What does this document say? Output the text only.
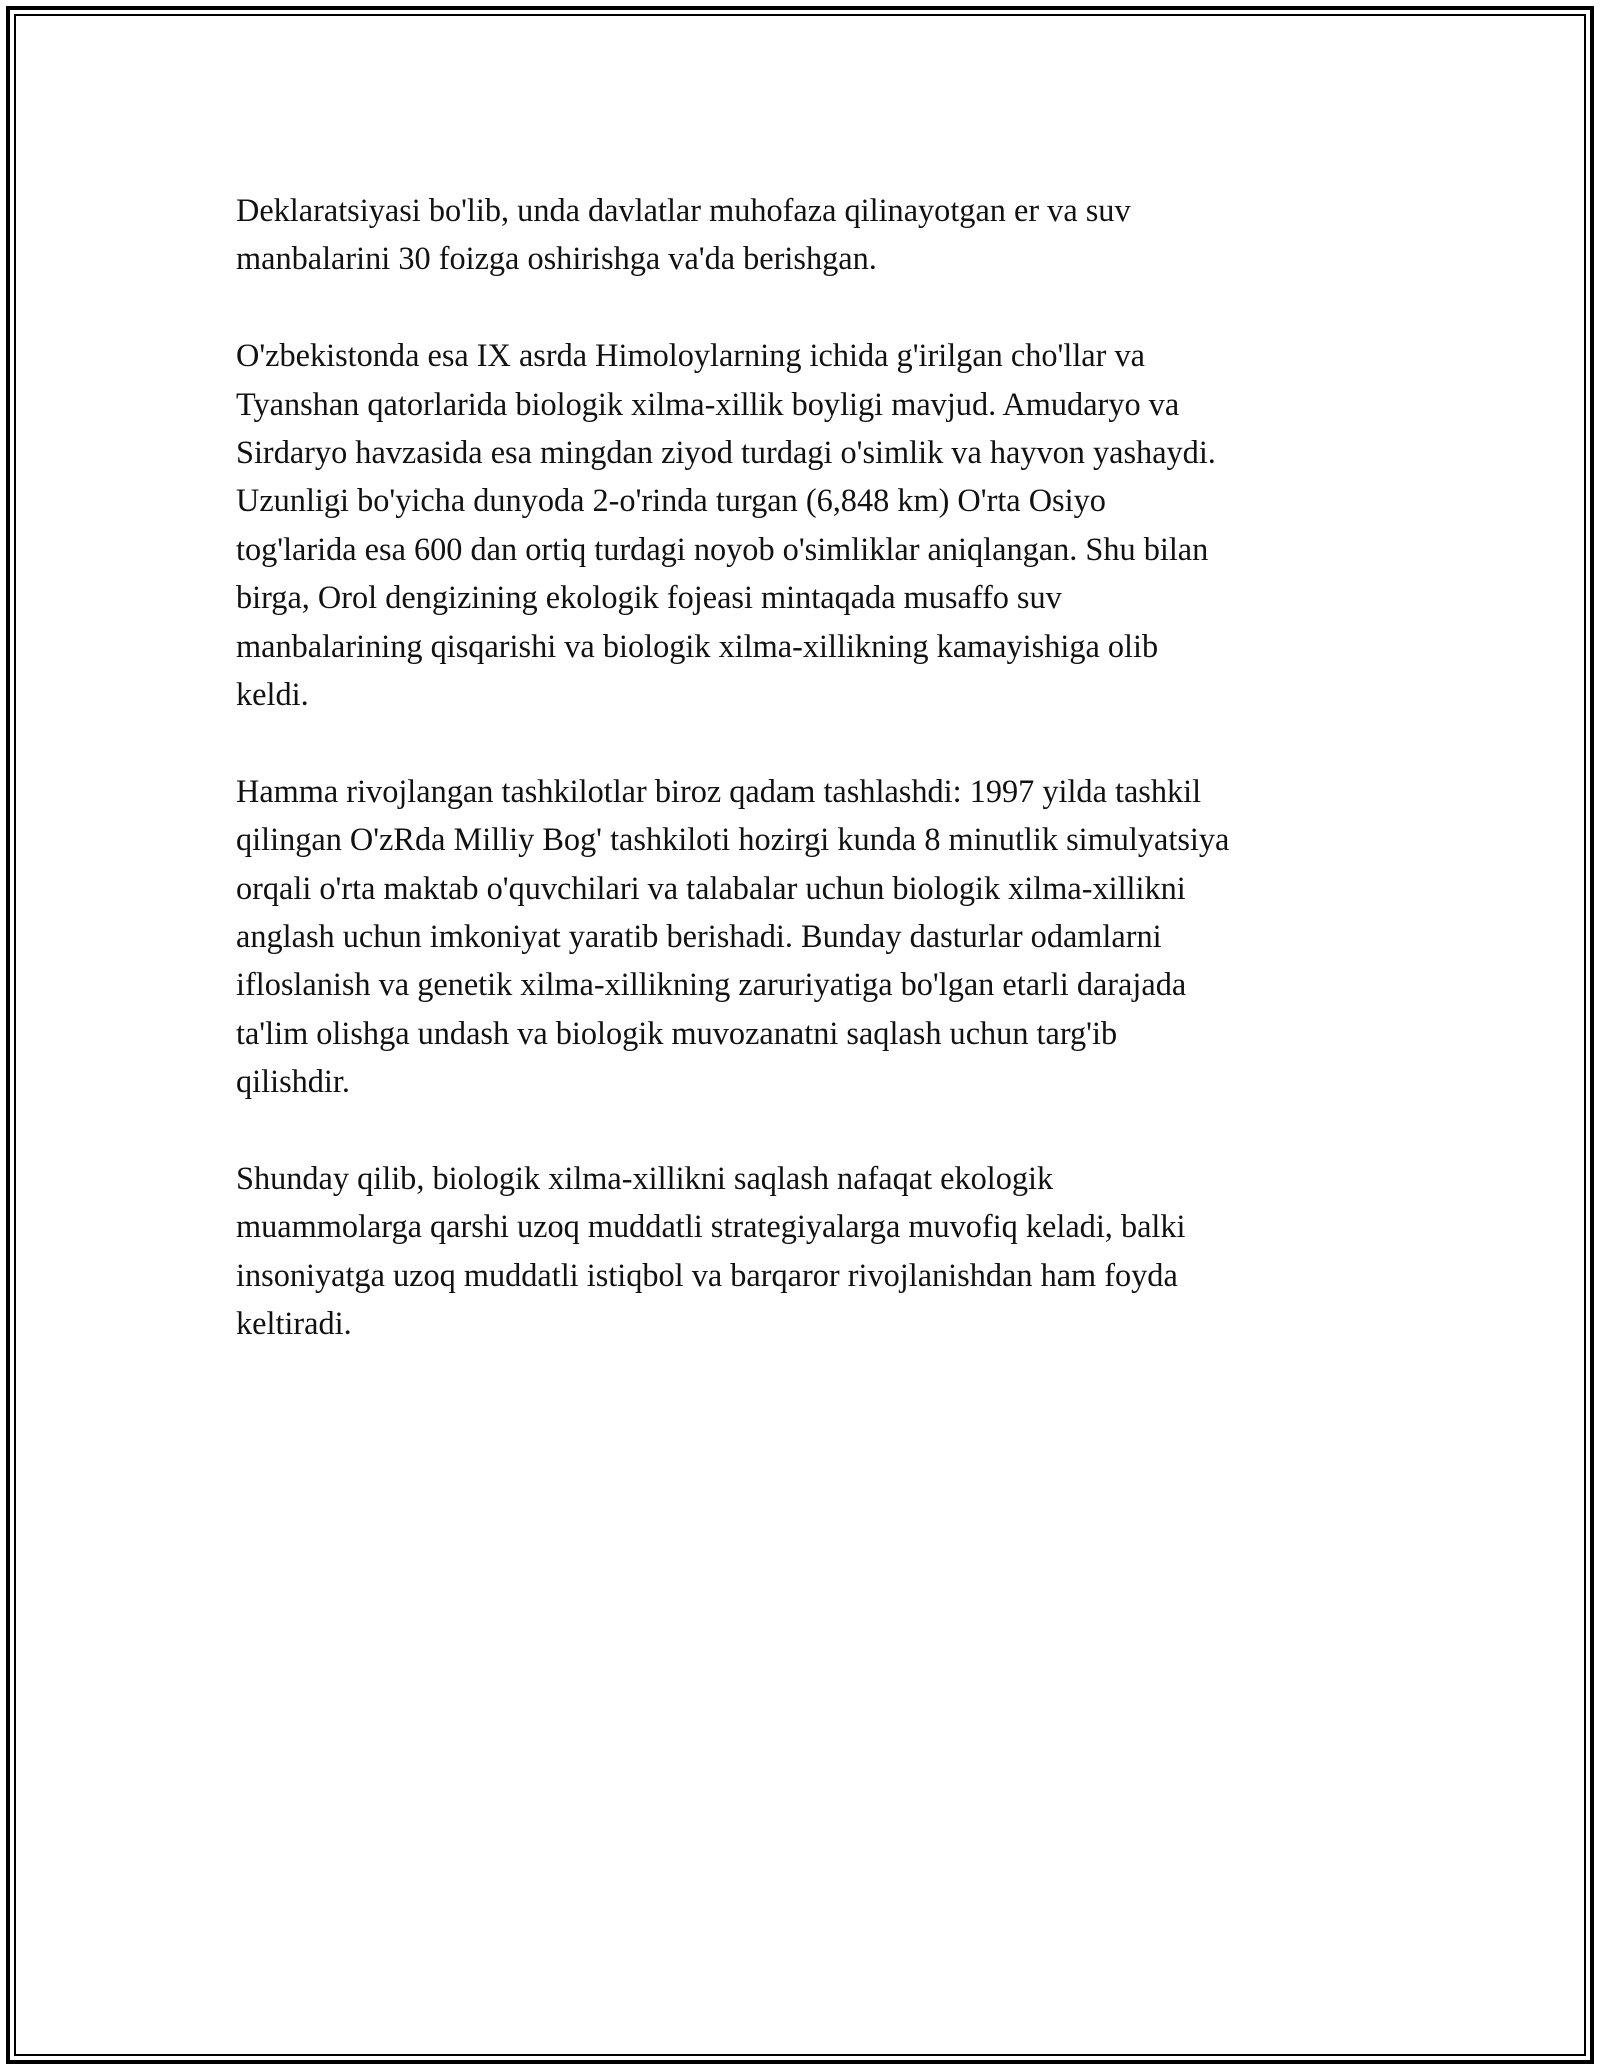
Deklaratsiyasi bo'lib, unda davlatlar muhofaza qilinayotgan er va suv
manbalarini 30 foizga oshirishga va'da berishgan.

O'zbekistonda esa IX asrda Himoloylarning ichida g'irilgan cho'llar va
Tyanshan qatorlarida biologik xilma-xillik boyligi mavjud. Amudaryo va
Sirdaryo havzasida esa mingdan ziyod turdagi o'simlik va hayvon yashaydi.
Uzunligi bo'yicha dunyoda 2-o'rinda turgan (6,848 km) O'rta Osiyo
tog'larida esa 600 dan ortiq turdagi noyob o'simliklar aniqlangan. Shu bilan
birga, Orol dengizining ekologik fojeasi mintaqada musaffo suv
manbalarining qisqarishi va biologik xilma-xillikning kamayishiga olib
keldi.

Hamma rivojlangan tashkilotlar biroz qadam tashlashdi: 1997 yilda tashkil
qilingan O'zRda Milliy Bog' tashkiloti hozirgi kunda 8 minutlik simulyatsiya
orqali o'rta maktab o'quvchilari va talabalar uchun biologik xilma-xillikni
anglash uchun imkoniyat yaratib berishadi. Bunday dasturlar odamlarni
ifloslanish va genetik xilma-xillikning zaruriyatiga bo'lgan etarli darajada
ta'lim olishga undash va biologik muvozanatni saqlash uchun targ'ib
qilishdir.

Shunday qilib, biologik xilma-xillikni saqlash nafaqat ekologik
muammolarga qarshi uzoq muddatli strategiyalarga muvofiq keladi, balki
insoniyatga uzoq muddatli istiqbol va barqaror rivojlanishdan ham foyda
keltiradi.
